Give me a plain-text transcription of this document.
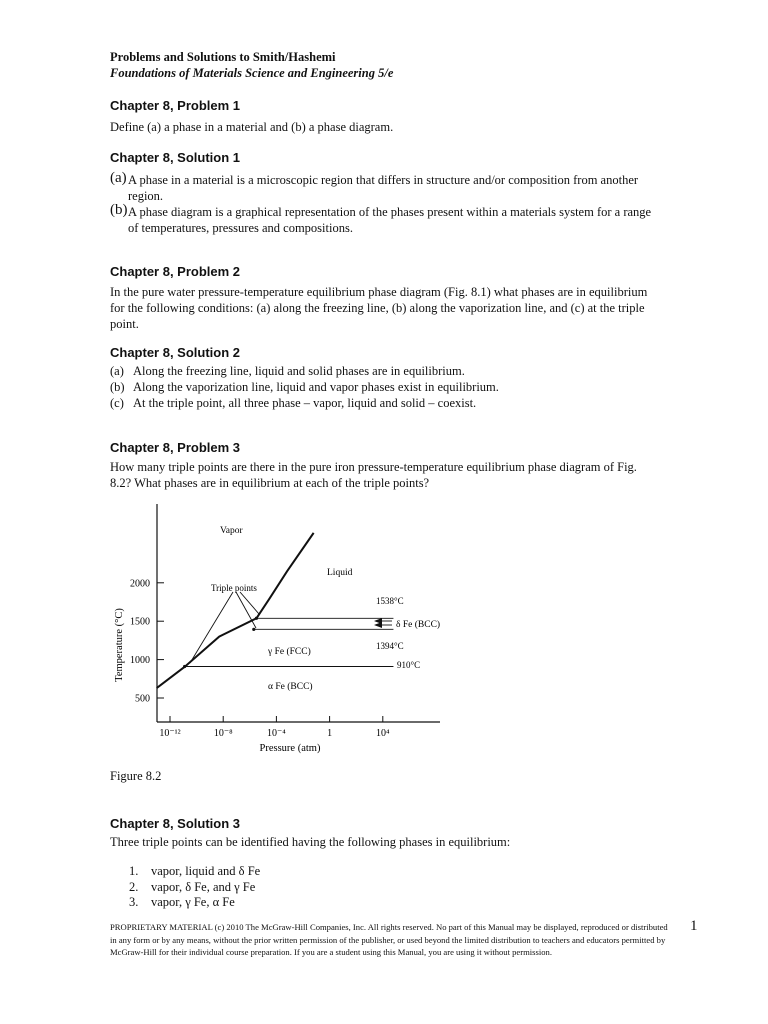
Problems and Solutions to Smith/Hashemi
Foundations of Materials Science and Engineering 5/e
Chapter 8, Problem 1
Define (a) a phase in a material and (b) a phase diagram.
Chapter 8, Solution 1
(a) A phase in a material is a microscopic region that differs in structure and/or composition from another region.
(b) A phase diagram is a graphical representation of the phases present within a materials system for a range of temperatures, pressures and compositions.
Chapter 8, Problem 2
In the pure water pressure-temperature equilibrium phase diagram (Fig. 8.1) what phases are in equilibrium for the following conditions: (a) along the freezing line, (b) along the vaporization line, and (c) at the triple point.
Chapter 8, Solution 2
(a) Along the freezing line, liquid and solid phases are in equilibrium.
(b) Along the vaporization line, liquid and vapor phases exist in equilibrium.
(c) At the triple point, all three phase – vapor, liquid and solid – coexist.
Chapter 8, Problem 3
How many triple points are there in the pure iron pressure-temperature equilibrium phase diagram of Fig. 8.2? What phases are in equilibrium at each of the triple points?
500
1000
1500
2000
10⁻¹²	10⁻⁸	10⁻⁴	1	10⁴
Temperature (°C)
Pressure (atm)
Vapor
Liquid
Triple points
1538°C
δ Fe (BCC)
1394°C
γ Fe (FCC)
910°C
α Fe (BCC)
Figure 8.2
Chapter 8, Solution 3
Three triple points can be identified having the following phases in equilibrium:
1. vapor, liquid and δ Fe
2. vapor, δ Fe, and γ Fe
3. vapor, γ Fe, α Fe
PROPRIETARY MATERIAL (c) 2010 The McGraw-Hill Companies, Inc. All rights reserved. No part of this Manual may be displayed, reproduced or distributed in any form or by any means, without the prior written permission of the publisher, or used beyond the limited distribution to teachers and educators permitted by McGraw-Hill for their individual course preparation. If you are a student using this Manual, you are using it without permission.
1
